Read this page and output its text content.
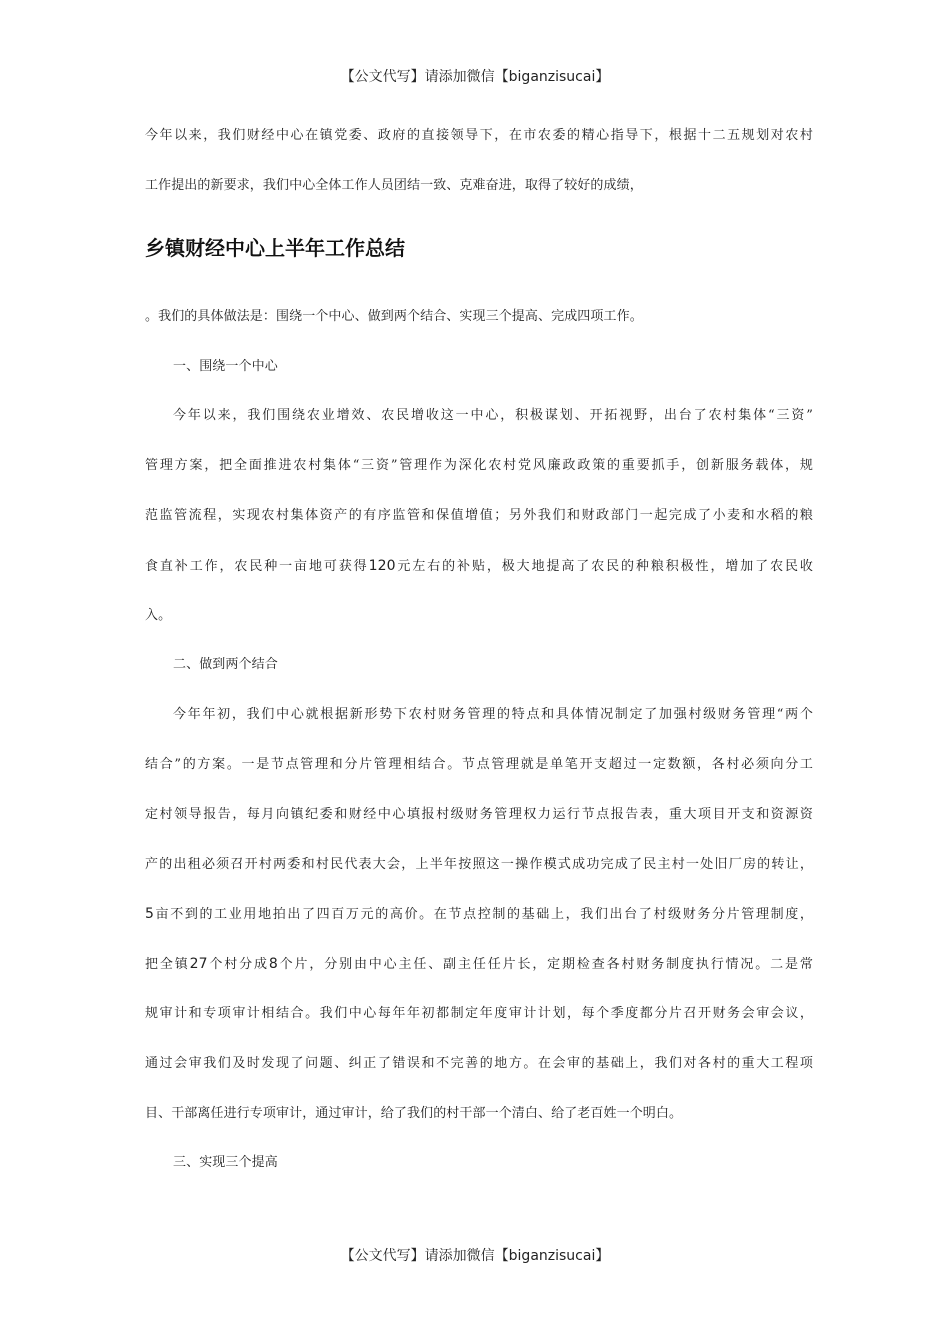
【公文代写】请添加微信【biganzisucai】
今年以来，我们财经中心在镇党委、政府的直接领导下，在市农委的精心指导下，根据十二五规划对农村
工作提出的新要求，我们中心全体工作人员团结一致、克难奋进，取得了较好的成绩，
乡镇财经中心上半年工作总结
。我们的具体做法是：围绕一个中心、做到两个结合、实现三个提高、完成四项工作。
一、围绕一个中心
今年以来，我们围绕农业增效、农民增收这一中心，积极谋划、开拓视野，出台了农村集体“三资”
管理方案，把全面推进农村集体“三资”管理作为深化农村党风廉政政策的重要抓手，创新服务载体，规
范监管流程，实现农村集体资产的有序监管和保值增值；另外我们和财政部门一起完成了小麦和水稻的粮
食直补工作，农民种一亩地可获得120元左右的补贴，极大地提高了农民的种粮积极性，增加了农民收
入。
二、做到两个结合
今年年初，我们中心就根据新形势下农村财务管理的特点和具体情况制定了加强村级财务管理“两个
结合”的方案。一是节点管理和分片管理相结合。节点管理就是单笔开支超过一定数额，各村必须向分工
定村领导报告，每月向镇纪委和财经中心填报村级财务管理权力运行节点报告表，重大项目开支和资源资
产的出租必须召开村两委和村民代表大会，上半年按照这一操作模式成功完成了民主村一处旧厂房的转让，
5亩不到的工业用地拍出了四百万元的高价。在节点控制的基础上，我们出台了村级财务分片管理制度，
把全镇27个村分成8个片，分别由中心主任、副主任任片长，定期检查各村财务制度执行情况。二是常
规审计和专项审计相结合。我们中心每年年初都制定年度审计计划，每个季度都分片召开财务会审会议，
通过会审我们及时发现了问题、纠正了错误和不完善的地方。在会审的基础上，我们对各村的重大工程项
目、干部离任进行专项审计，通过审计，给了我们的村干部一个清白、给了老百姓一个明白。
三、实现三个提高
【公文代写】请添加微信【biganzisucai】
